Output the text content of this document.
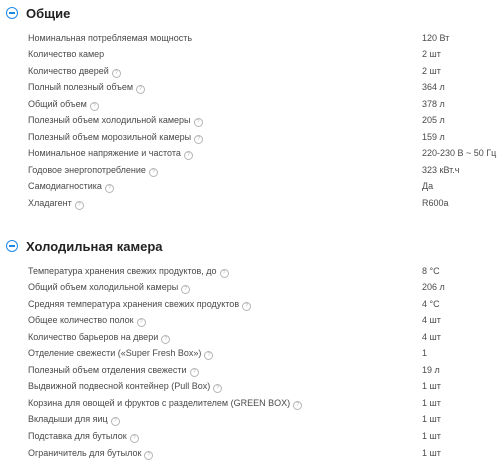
Общие
Номинальная потребляемая мощность	120 Вт
Количество камер	2 шт
Количество дверей ?	2 шт
Полный полезный объем ?	364 л
Общий объем ?	378 л
Полезный объем холодильной камеры ?	205 л
Полезный объем морозильной камеры ?	159 л
Номинальное напряжение и частота ?	220-230 В ~ 50 Гц
Годовое энергопотребление ?	323 кВт.ч
Самодиагностика ?	Да
Хладагент ?	R600a
Холодильная камера
Температура хранения свежих продуктов, до ?	8 °C
Общий объем холодильной камеры ?	206 л
Средняя температура хранения свежих продуктов ?	4 °C
Общее количество полок ?	4 шт
Количество барьеров на двери ?	4 шт
Отделение свежести («Super Fresh Box») ?	1
Полезный объем отделения свежести ?	19 л
Выдвижной подвесной контейнер (Pull Box) ?	1 шт
Корзина для овощей и фруктов с разделителем (GREEN BOX) ?	1 шт
Вкладыши для яиц ?	1 шт
Подставка для бутылок ?	1 шт
Ограничитель для бутылок ?	1 шт
